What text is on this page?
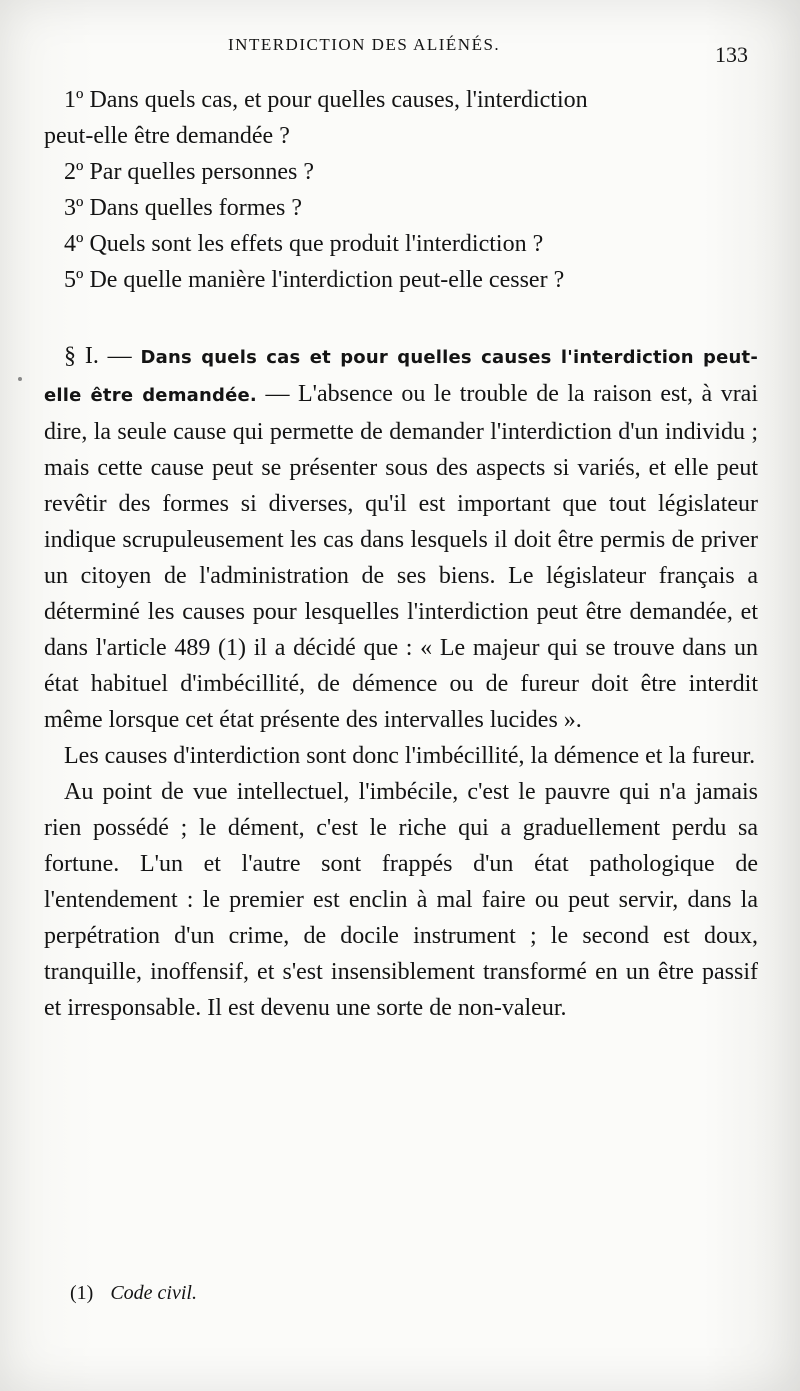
INTERDICTION DES ALIÉNÉS.	133

1º Dans quels cas, et pour quelles causes, l'interdiction

peut-elle être demandée ?

2º Par quelles personnes ?

3º Dans quelles formes ?

4º Quels sont les effets que produit l'interdiction ?

5º De quelle manière l'interdiction peut-elle cesser ?

§ I. — Dans quels cas et pour quelles causes l'interdiction peut-elle être demandée. — L'absence ou le trouble de la raison est, à vrai dire, la seule cause qui permette de demander l'interdiction d'un individu ; mais cette cause peut se présenter sous des aspects si variés, et elle peut revêtir des formes si diverses, qu'il est important que tout législateur indique scrupuleusement les cas dans lesquels il doit être permis de priver un citoyen de l'administration de ses biens. Le législateur français a déterminé les causes pour lesquelles l'interdiction peut être demandée, et dans l'article 489 (1) il a décidé que : « Le majeur qui se trouve dans un état habituel d'imbécillité, de démence ou de fureur doit être interdit même lorsque cet état présente des intervalles lucides ».

Les causes d'interdiction sont donc l'imbécillité, la démence et la fureur.

Au point de vue intellectuel, l'imbécile, c'est le pauvre qui n'a jamais rien possédé ; le dément, c'est le riche qui a graduellement perdu sa fortune. L'un et l'autre sont frappés d'un état pathologique de l'entendement : le premier est enclin à mal faire ou peut servir, dans la perpétration d'un crime, de docile instrument ; le second est doux, tranquille, inoffensif, et s'est insensiblement transformé en un être passif et irresponsable. Il est devenu une sorte de non-valeur.

(1) Code civil.
